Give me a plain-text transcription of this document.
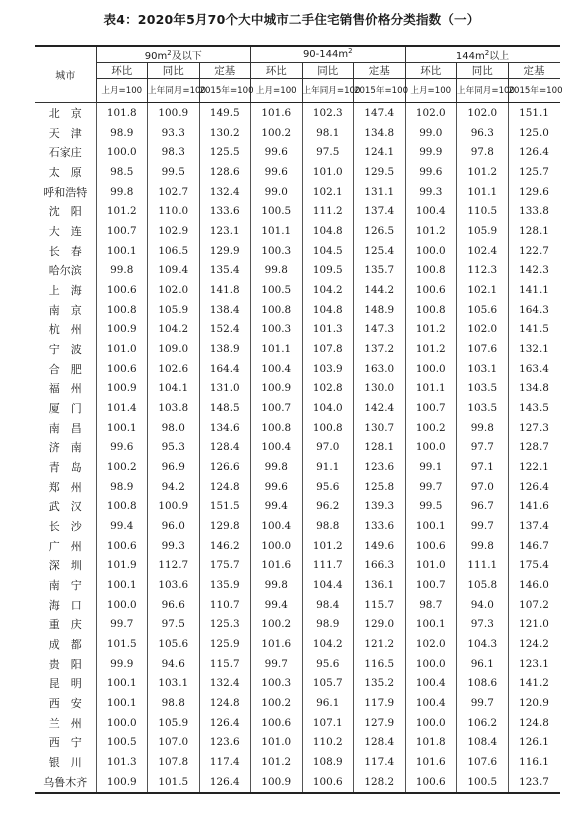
表4：2020年5月70个大中城市二手住宅销售价格分类指数（一）
城市	$90m^2$及以下			$90-144m^2$			$144m^2$以上		
	环比	同比	定基	环比	同比	定基	环比	同比	定基
	上月=100	上年同月=100	2015年=100	上月=100	上年同月=100	2015年=100	上月=100	上年同月=100	2015年=100
北　京	101.8	100.9	149.5	101.6	102.3	147.4	102.0	102.0	151.1
天　津	98.9	93.3	130.2	100.2	98.1	134.8	99.0	96.3	125.0
石家庄	100.0	98.3	125.5	99.6	97.5	124.1	99.9	97.8	126.4
太　原	98.5	99.5	128.6	99.6	101.0	129.5	99.6	101.2	125.7
呼和浩特	99.8	102.7	132.4	99.0	102.1	131.1	99.3	101.1	129.6
沈　阳	101.2	110.0	133.6	100.5	111.2	137.4	100.4	110.5	133.8
大　连	100.7	102.9	123.1	101.1	104.8	126.5	101.2	105.9	128.1
长　春	100.1	106.5	129.9	100.3	104.5	125.4	100.0	102.4	122.7
哈尔滨	99.8	109.4	135.4	99.8	109.5	135.7	100.8	112.3	142.3
上　海	100.6	102.0	141.8	100.5	104.2	144.2	100.6	102.1	141.1
南　京	100.8	105.9	138.4	100.8	104.8	148.9	100.8	105.6	164.3
杭　州	100.9	104.2	152.4	100.3	101.3	147.3	101.2	102.0	141.5
宁　波	101.0	109.0	138.9	101.1	107.8	137.2	101.2	107.6	132.1
合　肥	100.6	102.6	164.4	100.4	103.9	163.0	100.0	103.1	163.4
福　州	100.9	104.1	131.0	100.9	102.8	130.0	101.1	103.5	134.8
厦　门	101.4	103.8	148.5	100.7	104.0	142.4	100.7	103.5	143.5
南　昌	100.1	98.0	134.6	100.8	100.8	130.7	100.2	99.8	127.3
济　南	99.6	95.3	128.4	100.4	97.0	128.1	100.0	97.7	128.7
青　岛	100.2	96.9	126.6	99.8	91.1	123.6	99.1	97.1	122.1
郑　州	98.9	94.2	124.8	99.6	95.6	125.8	99.7	97.0	126.4
武　汉	100.8	100.9	151.5	99.4	96.2	139.3	99.5	96.7	141.6
长　沙	99.4	96.0	129.8	100.4	98.8	133.6	100.1	99.7	137.4
广　州	100.6	99.3	146.2	100.0	101.2	149.6	100.6	99.8	146.7
深　圳	101.9	112.7	175.7	101.6	111.7	166.3	101.0	111.1	175.4
南　宁	100.1	103.6	135.9	99.8	104.4	136.1	100.7	105.8	146.0
海　口	100.0	96.6	110.7	99.4	98.4	115.7	98.7	94.0	107.2
重　庆	99.7	97.5	125.3	100.2	98.9	129.0	100.1	97.3	121.0
成　都	101.5	105.6	125.9	101.6	104.2	121.2	102.0	104.3	124.2
贵　阳	99.9	94.6	115.7	99.7	95.6	116.5	100.0	96.1	123.1
昆　明	100.1	103.1	132.4	100.3	105.7	135.2	100.4	108.6	141.2
西　安	100.1	98.8	124.8	100.2	96.1	117.9	100.4	99.7	120.9
兰　州	100.0	105.9	126.4	100.6	107.1	127.9	100.0	106.2	124.8
西　宁	100.5	107.0	123.6	101.0	110.2	128.4	101.8	108.4	126.1
银　川	101.3	107.8	117.4	101.2	108.9	117.4	101.6	107.6	116.1
乌鲁木齐	100.9	101.5	126.4	100.9	100.6	128.2	100.6	100.5	123.7
